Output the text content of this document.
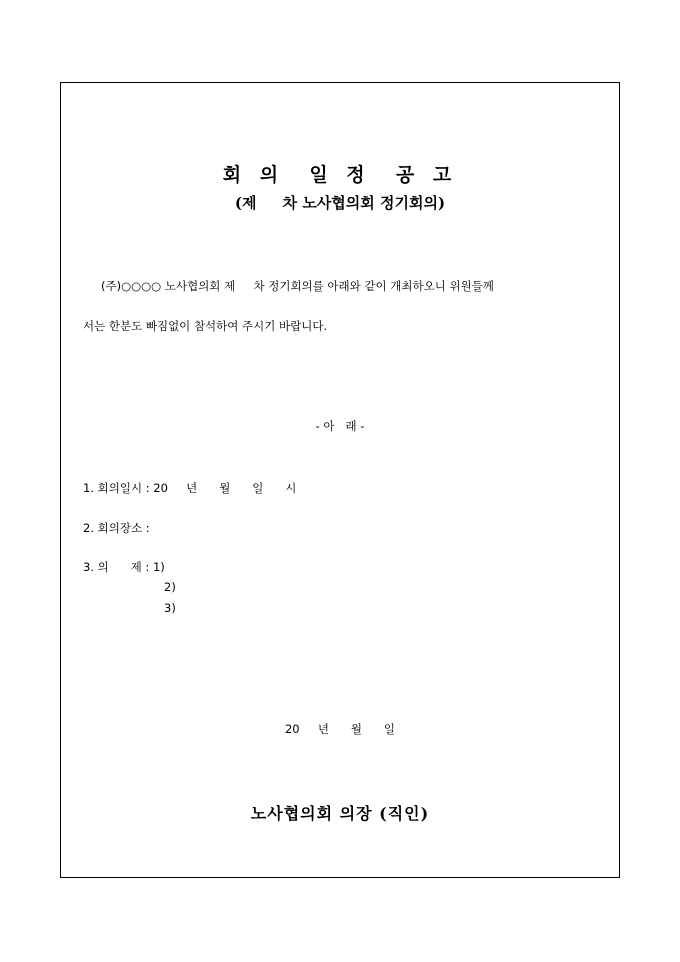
회 의  일 정  공 고
(제     차 노사협의회 정기회의)
(주)○○○○ 노사협의회 제     차 정기회의를 아래와 같이 개최하오니 위원들께
서는 한분도 빠짐없이 참석하여 주시기 바랍니다.
- 아   래 -
1. 회의일시 : 20     년      월      일      시
2. 회의장소 :
3. 의      제 : 1)
2)
3)
20     년      월      일
노사협의회 의장 (직인)
